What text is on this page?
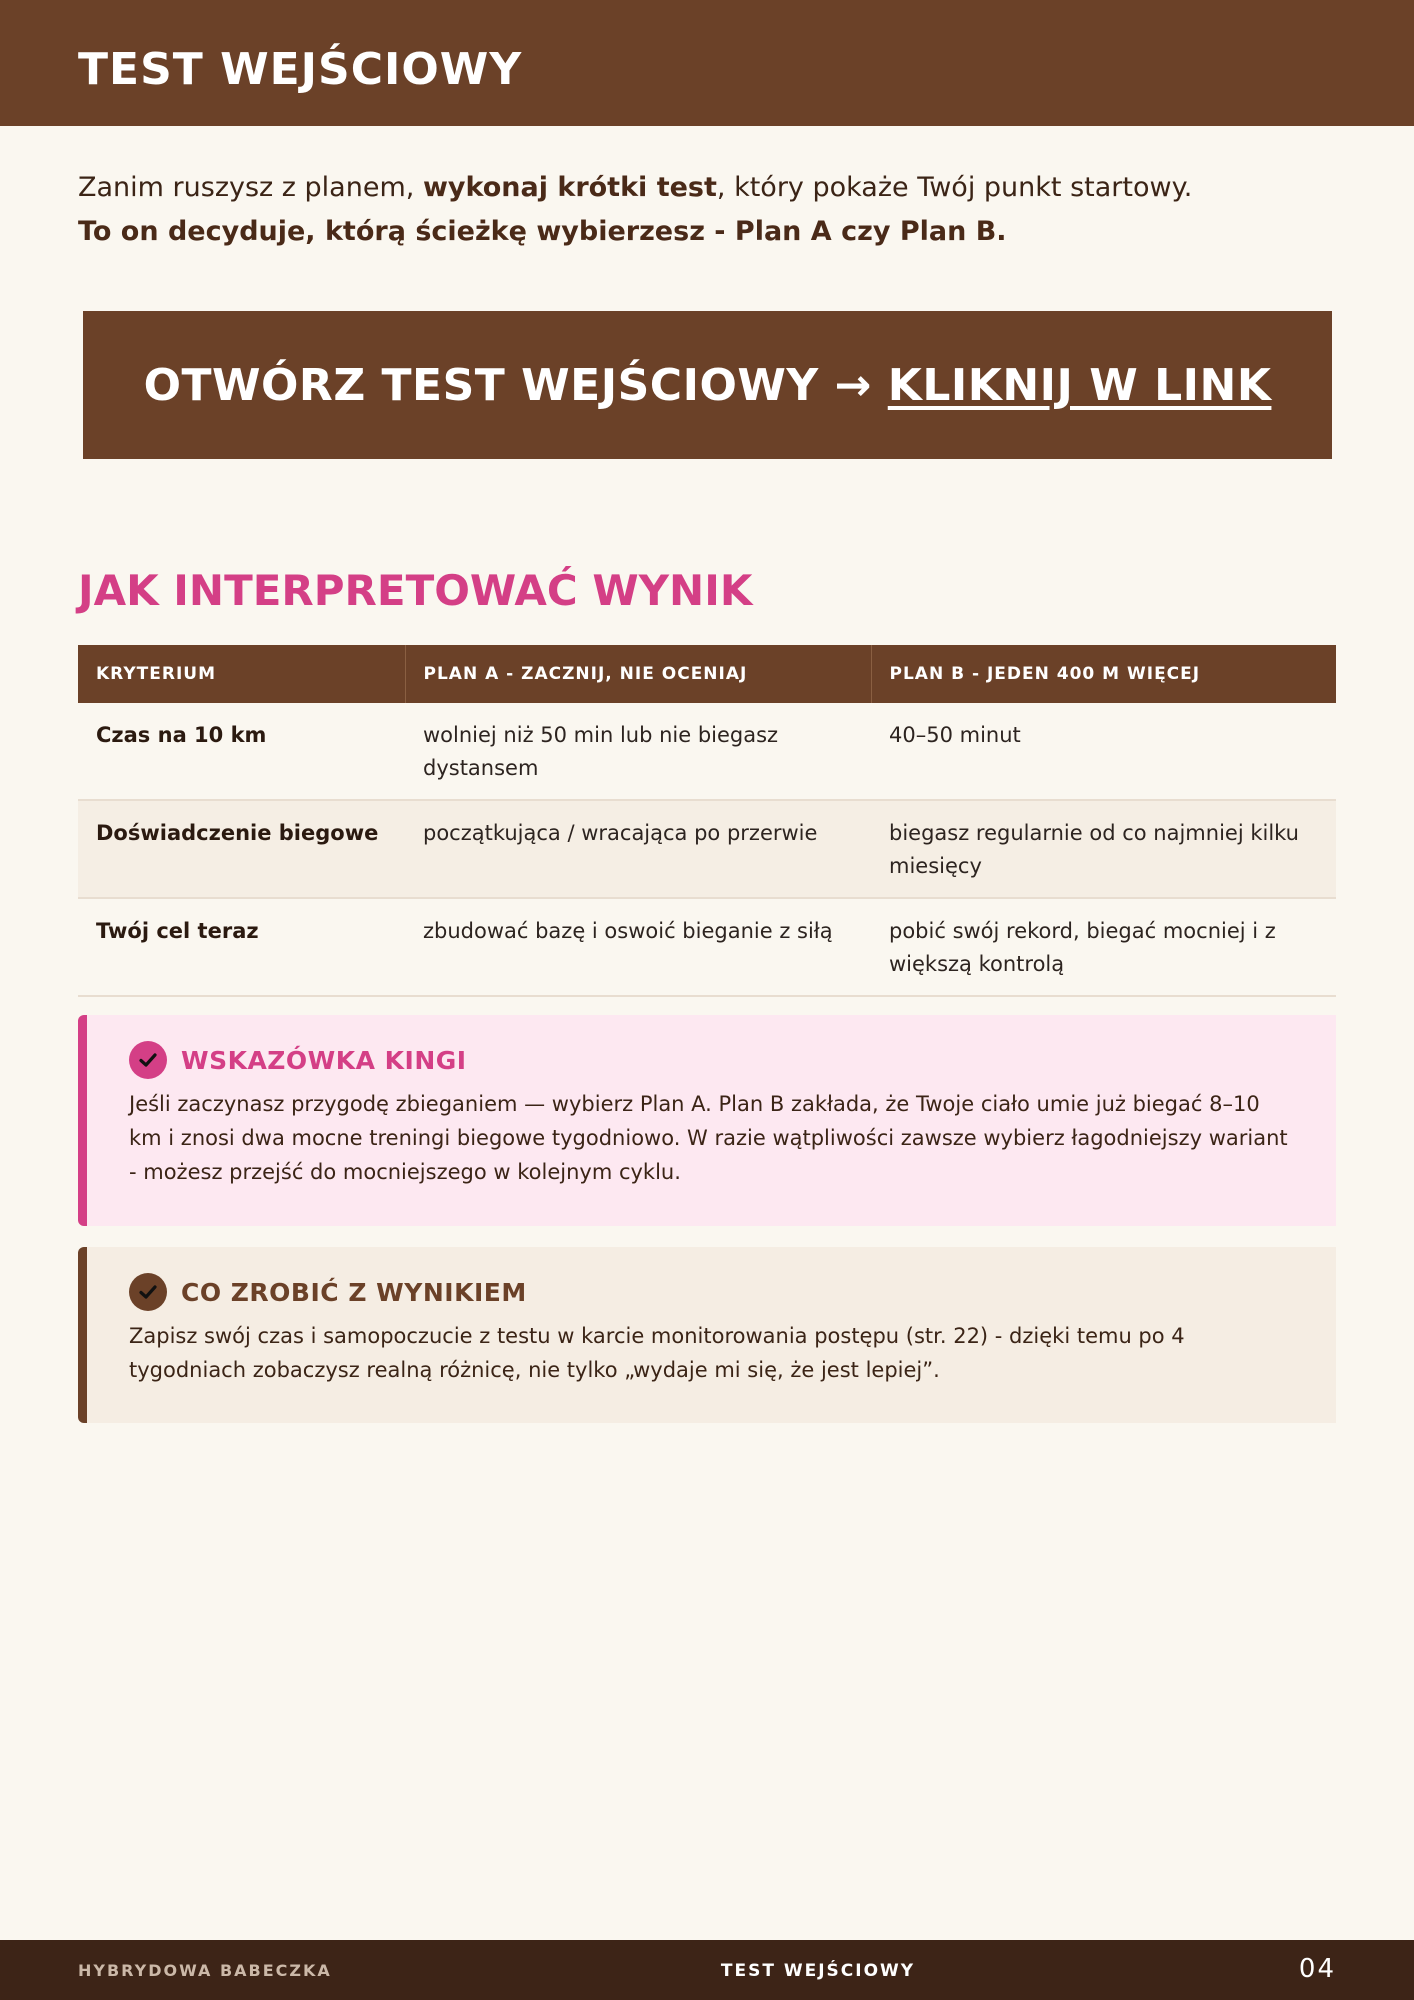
TEST WEJŚCIOWY
Zanim ruszysz z planem, wykonaj krótki test, który pokaże Twój punkt startowy.
To on decyduje, którą ścieżkę wybierzesz - Plan A czy Plan B.
OTWÓRZ TEST WEJŚCIOWY → KLIKNIJ W LINK
JAK INTERPRETOWAĆ WYNIK
KRYTERIUM	PLAN A - ZACZNIJ, NIE OCENIAJ	PLAN B - JEDEN 400 M WIĘCEJ
Czas na 10 km	wolniej niż 50 min lub nie biegasz dystansem	40–50 minut
Doświadczenie biegowe	początkująca / wracająca po przerwie	biegasz regularnie od co najmniej kilku miesięcy
Twój cel teraz	zbudować bazę i oswoić bieganie z siłą	pobić swój rekord, biegać mocniej i z większą kontrolą
WSKAZÓWKA KINGI
Jeśli zaczynasz przygodę zbieganiem — wybierz Plan A. Plan B zakłada, że Twoje ciało umie już biegać 8–10 km i znosi dwa mocne treningi biegowe tygodniowo. W razie wątpliwości zawsze wybierz łagodniejszy wariant - możesz przejść do mocniejszego w kolejnym cyklu.
CO ZROBIĆ Z WYNIKIEM
Zapisz swój czas i samopoczucie z testu w karcie monitorowania postępu (str. 22) - dzięki temu po 4 tygodniach zobaczysz realną różnicę, nie tylko „wydaje mi się, że jest lepiej”.
HYBRYDOWA BABECZKA	TEST WEJŚCIOWY	04
